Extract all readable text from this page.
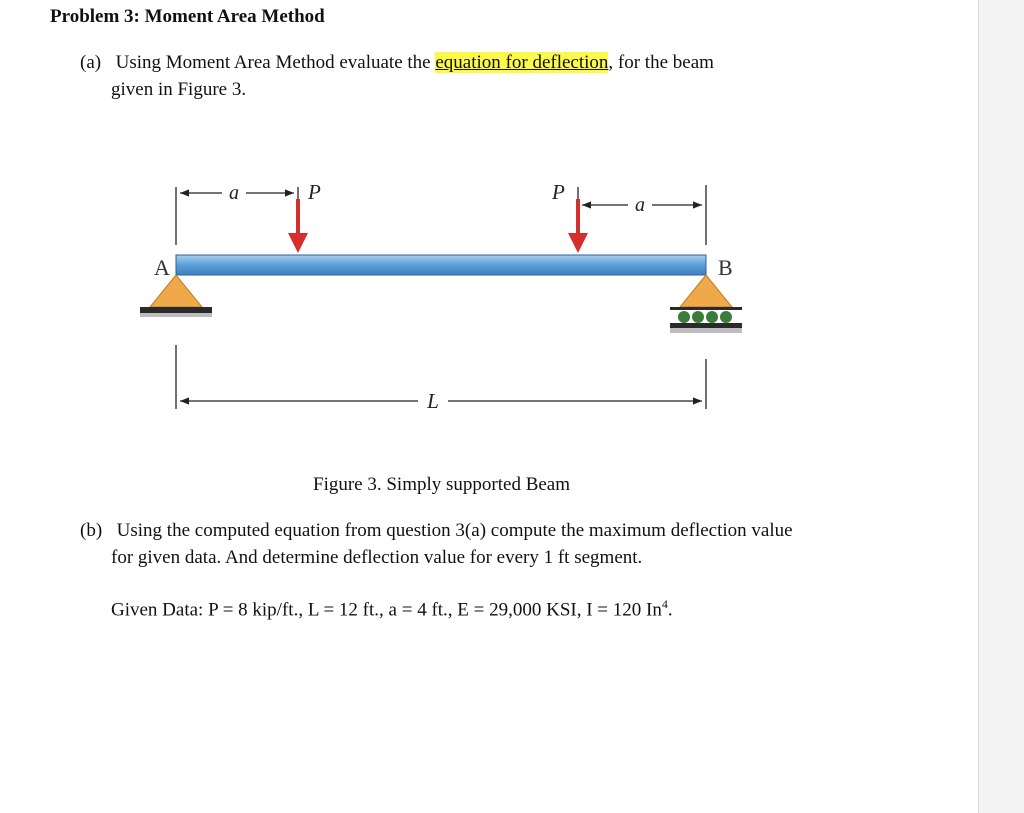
Problem 3: Moment Area Method
(a) Using Moment Area Method evaluate the equation for deflection, for the beam
given in Figure 3.
a	P
a
P
A	B
L
Figure 3. Simply supported Beam
(b) Using the computed equation from question 3(a) compute the maximum deflection value
for given data. And determine deflection value for every 1 ft segment.
Given Data: P = 8 kip/ft., L = 12 ft., a = 4 ft., E = 29,000 KSI, I = 120 In$^4$.
